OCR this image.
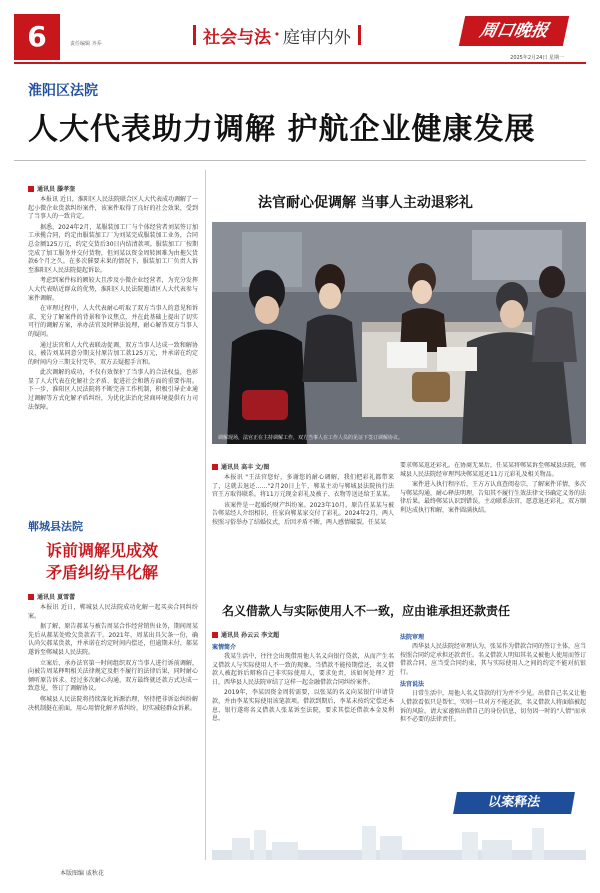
6	责任编辑 齐乔	社会与法 · 庭审内外	周口晚报
2025年2月24日 星期一
淮阳区法院
人大代表助力调解 护航企业健康发展
通讯员 滕孝奎

本报讯 近日，淮阳区人民法院联合区人大代表成功调解了一起小微企业货款纠纷案件，该案件取得了良好的社会效果，受到了当事人的一致肯定。

据悉，2024年2月，某服装加工厂与个体经营者刘某签订加工承揽合同，约定由服装加工厂为刘某完成服装加工业务，合同总金额125万元，约定交货后30日内结清款项。服装加工厂按期完成了加工服务并交付货物，但刘某以资金周转困难为由拖欠货款6个月之久。在多次催要未果的情况下，服装加工厂负责人诉至淮阳区人民法院提起诉讼。

考虑到案件标的额较大且涉及小微企业经营者，为充分发挥人大代表贴近群众的优势，淮阳区人民法院邀请区人大代表参与案件调解。

在审理过程中，人大代表耐心听取了双方当事人的意见和诉求，充分了解案件的背景和争议焦点，并在此基础上提出了切实可行的调解方案，承办法官及时释法说理，耐心解答双方当事人的疑问。

通过法官和人大代表联动促调，双方当事人达成一致和解协议，被告刘某同意分期支付原告加工款125万元，并承诺在约定的时间内分三期支付完毕，双方去疑握手言和。

此次调解的成功，不仅有效保护了当事人的合法权益，也彰显了人大代表在化解社会矛盾、促进社会和谐方面的重要作用。下一步，淮阳区人民法院将不断完善工作机制，积极引导企业通过调解等方式化解矛盾纠纷，为优化法治化营商环境提供有力司法保障。

郸城县法院
诉前调解见成效
矛盾纠纷早化解
通讯员 夏雪蕾

本报讯 近日，郸城县人民法院成功化解一起买卖合同纠纷案。

据了解，原告郝某与被告周某合作经营销售业务，期间周某先后从郝某处赊欠货款若干。2021年，周某出具欠条一份，确认尚欠郝某货款，并承诺在约定时间内偿还，但逾期未付，郝某遂诉至郸城县人民法院。

立案后，承办法官第一时间组织双方当事人进行诉前调解，向被告周某释明相关法律规定及拒不履行的法律后果，同时耐心倾听原告诉求。经过多次耐心沟通，双方最终就还款方式达成一致意见，签订了调解协议。

郸城县人民法院将持续深化诉源治理，坚持把非诉讼纠纷解决机制挺在前面，用心用情化解矛盾纠纷，切实减轻群众诉累。

法官耐心促调解 当事人主动退彩礼
调解现场，法官正在主持调解工作，双方当事人在工作人员的见证下签订调解协议。
通讯员 高丰 文/图

本报讯 "王法官您好，多谢您的耐心调解，我们把彩礼都带来了，这就去退还……"2月20日上午，郸某主动与郸城县法院执行法官王方取得联系，将11万元现金彩礼及被子、衣物等送还给王某某。

该案件是一起婚约财产纠纷案。2023年10月，原告任某某与被告郸某经人介绍相识，任家向郸某家交付了彩礼。2024年2月，两人按照习俗举办了结婚仪式，后因矛盾不断，两人感情破裂，任某某

要求郸某返还彩礼。在协商无果后，任某某将郸某诉至郸城县法院，郸城县人民法院经审理判决郸某返还11万元彩礼及相关物品。

案件进入执行程序后，王方方认真查阅卷宗，了解案件详情，多次与郸某沟通，耐心释法明理，告知其不履行生效法律文书确定义务的法律后果。最终郸某认识到错误，主动联系法官，愿意退还彩礼，双方顺利达成执行和解，案件圆满执结。

名义借款人与实际使用人不一致，应由谁承担还款责任
通讯员 孙云云 李文超
案情简介

我某生活中，往往会出现借用他人名义向银行贷款，从而产生名义借款人与实际使用人不一致的现象。当借款不能按期偿还，名义借款人被起诉后辩称自己非实际使用人，要求免责，该如何处理？近日，西华县人民法院审结了这样一起金融借款合同纠纷案件。

2019年，李某因资金周转需要，以张某的名义向某银行申请贷款，并由李某实际使用该笔款项。借款到期后，李某未按约定偿还本息，银行遂将名义借款人张某诉至法院，要求其偿还借款本金及利息。

法院审理

西华县人民法院经审理认为，张某作为借款合同的签订主体，应当按照合同约定承担还款责任。名义借款人明知其名义被他人使用而签订借款合同，应当受合同约束，其与实际使用人之间的约定不能对抗银行。

法官说法

日常生活中，用他人名义贷款的行为并不少见。出借自己名义让他人借款看似只是帮忙，实则一旦对方不能还款，名义借款人将面临被起诉的风险。请大家谨慎出借自己的身份信息，切勿因一时的"人情"而承担不必要的法律责任。

以案释法
本版图编 戚秋花
